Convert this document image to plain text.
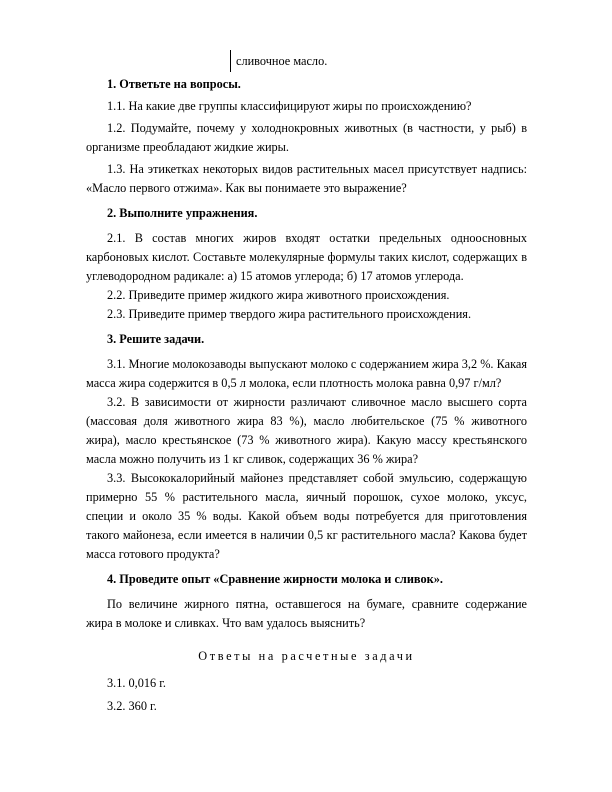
сливочное масло.
1. Ответьте на вопросы.

1.1. На какие две группы классифицируют жиры по происхождению?

1.2. Подумайте, почему у холоднокровных животных (в частности, у рыб) в организме преобладают жидкие жиры.

1.3. На этикетках некоторых видов растительных масел присутствует надпись: «Масло первого отжима». Как вы понимаете это выражение?

2. Выполните упражнения.

2.1. В состав многих жиров входят остатки предельных одноосновных карбоновых кислот. Составьте молекулярные формулы таких кислот, содержащих в углеводородном радикале: а) 15 атомов углерода; б) 17 атомов углерода.

2.2. Приведите пример жидкого жира животного происхождения.

2.3. Приведите пример твердого жира растительного происхождения.

3. Решите задачи.

3.1. Многие молокозаводы выпускают молоко с содержанием жира 3,2 %. Какая масса жира содержится в 0,5 л молока, если плотность молока равна 0,97 г/мл?

3.2. В зависимости от жирности различают сливочное масло высшего сорта (массовая доля животного жира 83 %), масло любительское (75 % животного жира), масло крестьянское (73 % животного жира). Какую массу крестьянского масла можно получить из 1 кг сливок, содержащих 36 % жира?

3.3. Высококалорийный майонез представляет собой эмульсию, содержащую примерно 55 % растительного масла, яичный порошок, сухое молоко, уксус, специи и около 35 % воды. Какой объем воды потребуется для приготовления такого майонеза, если имеется в наличии 0,5 кг растительного масла? Какова будет масса готового продукта?

4. Проведите опыт «Сравнение жирности молока и сливок».

По величине жирного пятна, оставшегося на бумаге, сравните содержание жира в молоке и сливках. Что вам удалось выяснить?

Ответы на расчетные задачи
3.1. 0,016 г.
3.2. 360 г.
